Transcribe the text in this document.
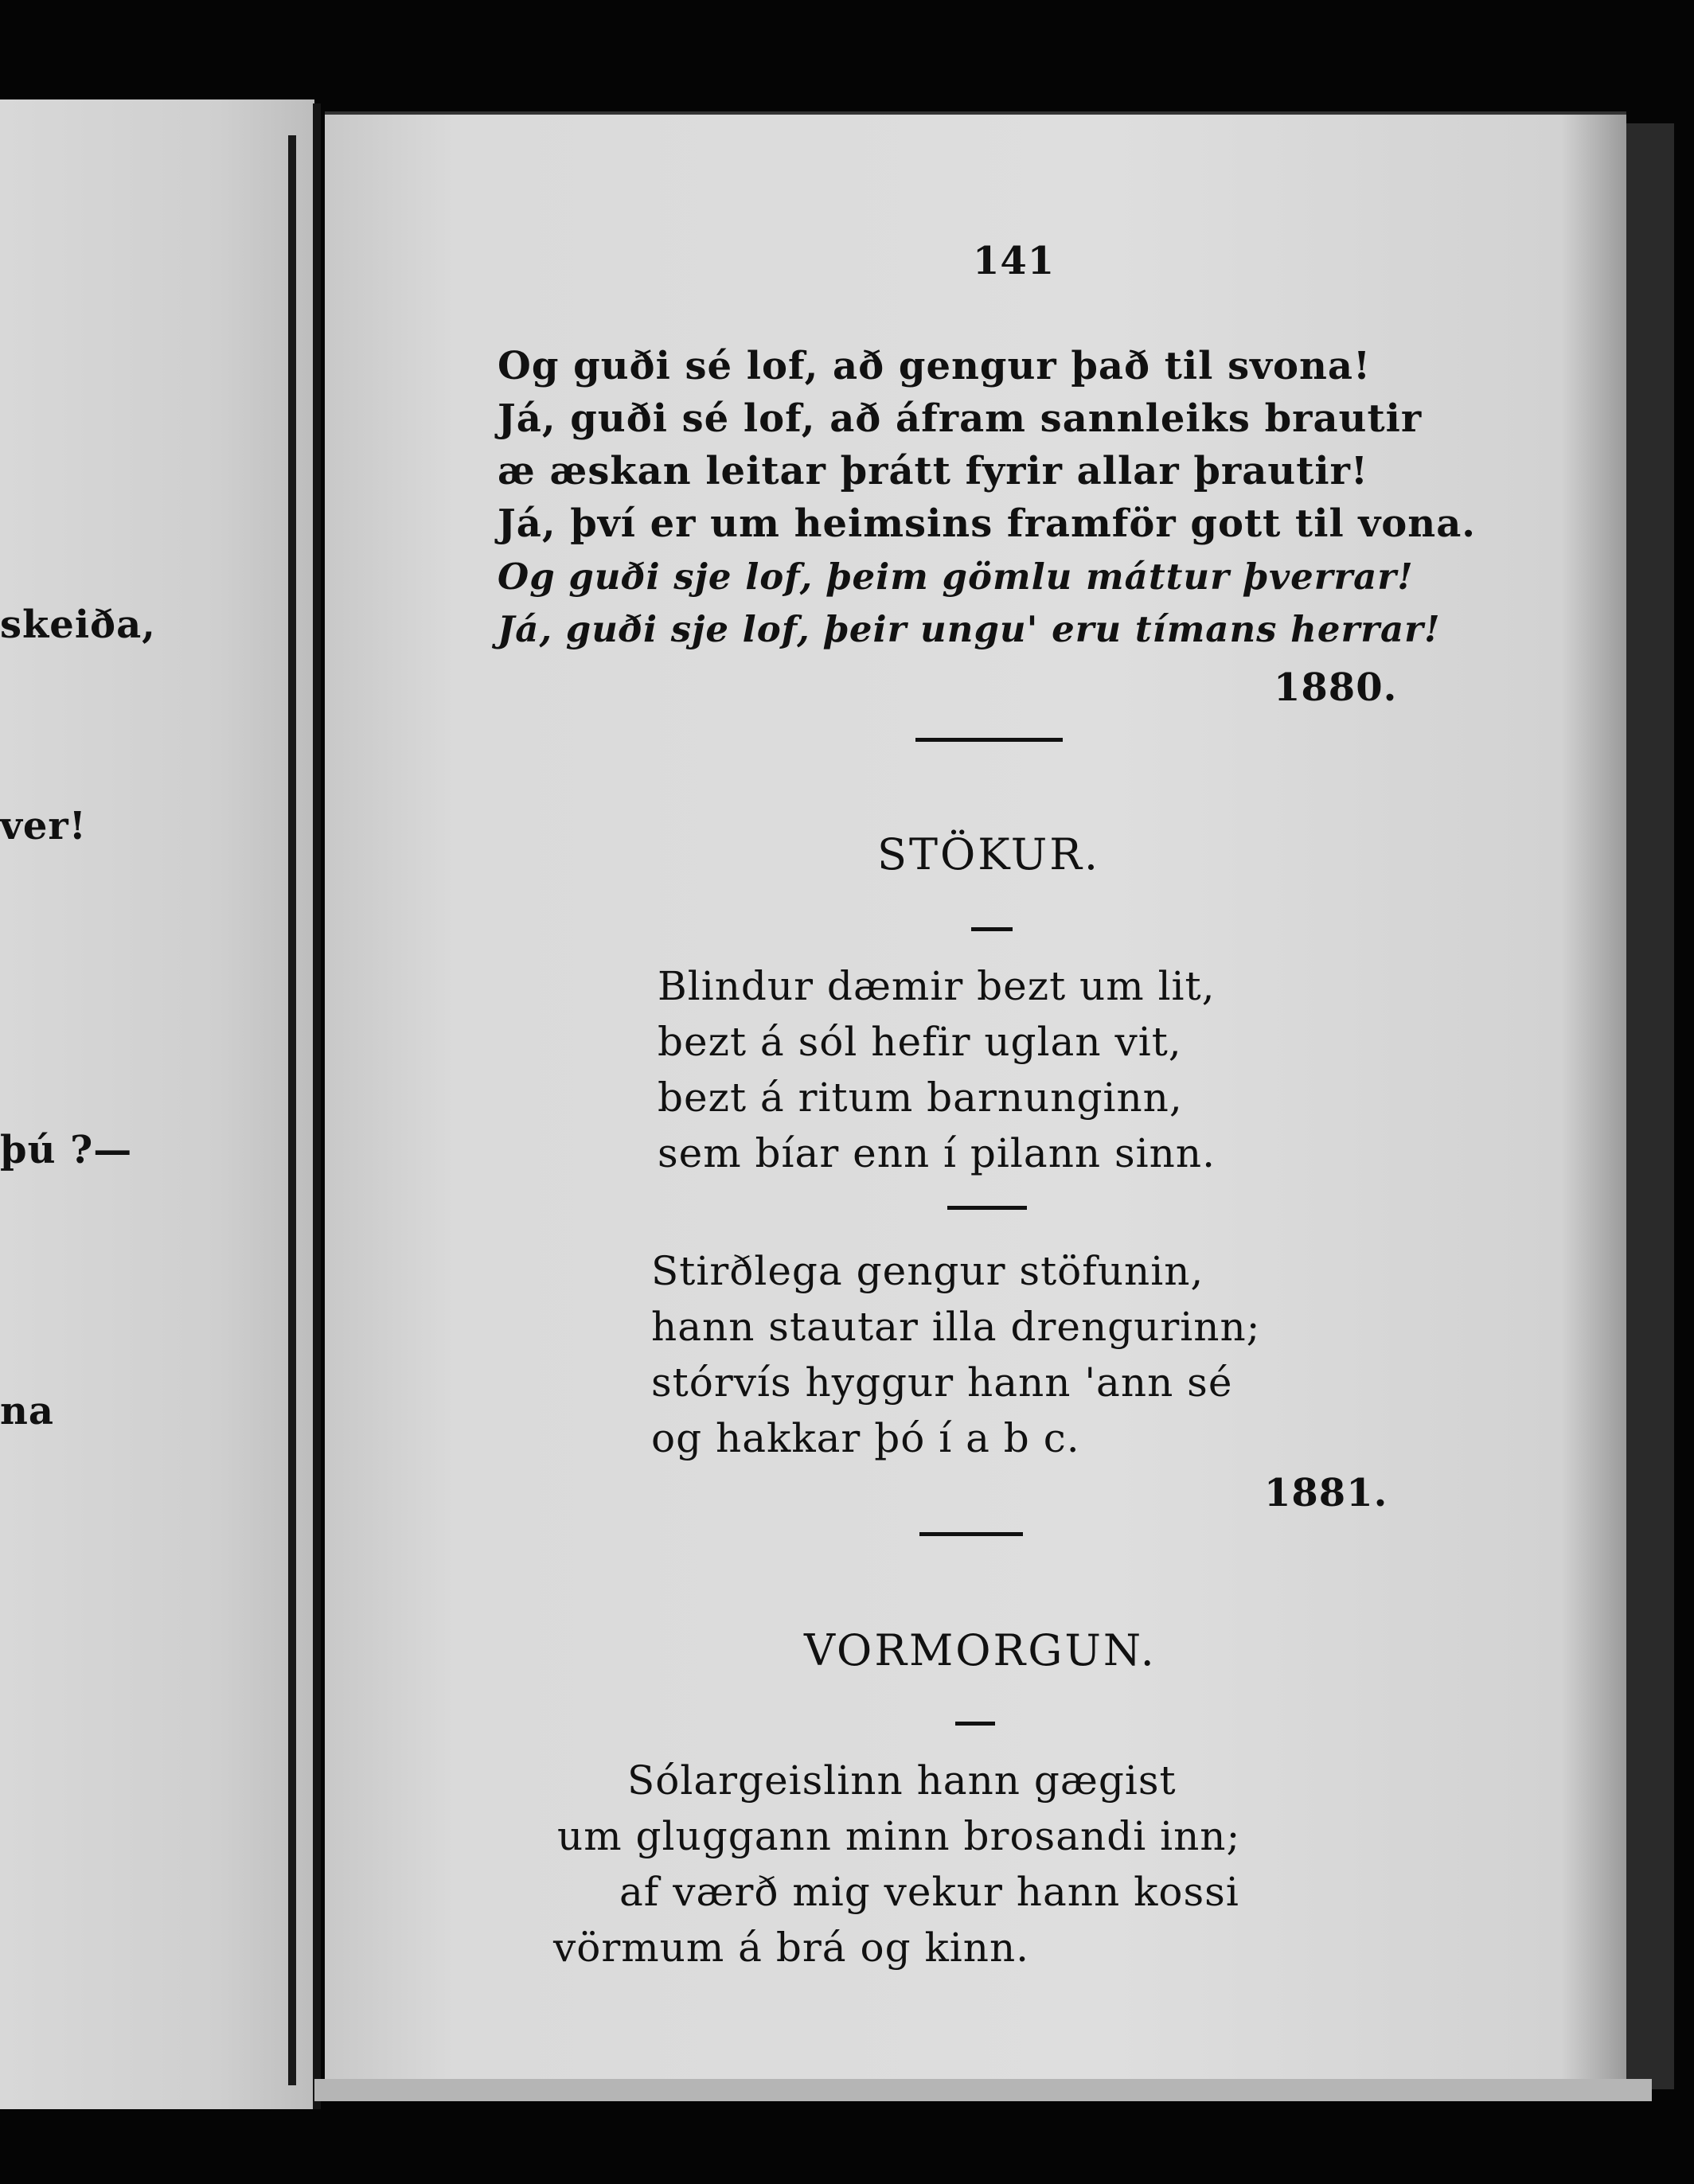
skeiða,
ver!
þú ?—
na
141
Og guði sé lof, að gengur það til svona!
Já, guði sé lof, að áfram sannleiks brautir
æ æskan leitar þrátt fyrir allar þrautir!
Já, því er um heimsins framför gott til vona.
Og guði sje lof, þeim gömlu máttur þverrar!
Já, guði sje lof, þeir ungu' eru tímans herrar!
1880.
STÖKUR.
Blindur dæmir bezt um lit,
bezt á sól hefir uglan vit,
bezt á ritum barnunginn,
sem bíar enn í pilann sinn.
Stirðlega gengur stöfunin,
hann stautar illa drengurinn;
stórvís hyggur hann 'ann sé
og hakkar þó í a b c.
1881.
VORMORGUN.
Sólargeislinn hann gægist
um gluggann minn brosandi inn;
af værð mig vekur hann kossi
vörmum á brá og kinn.
